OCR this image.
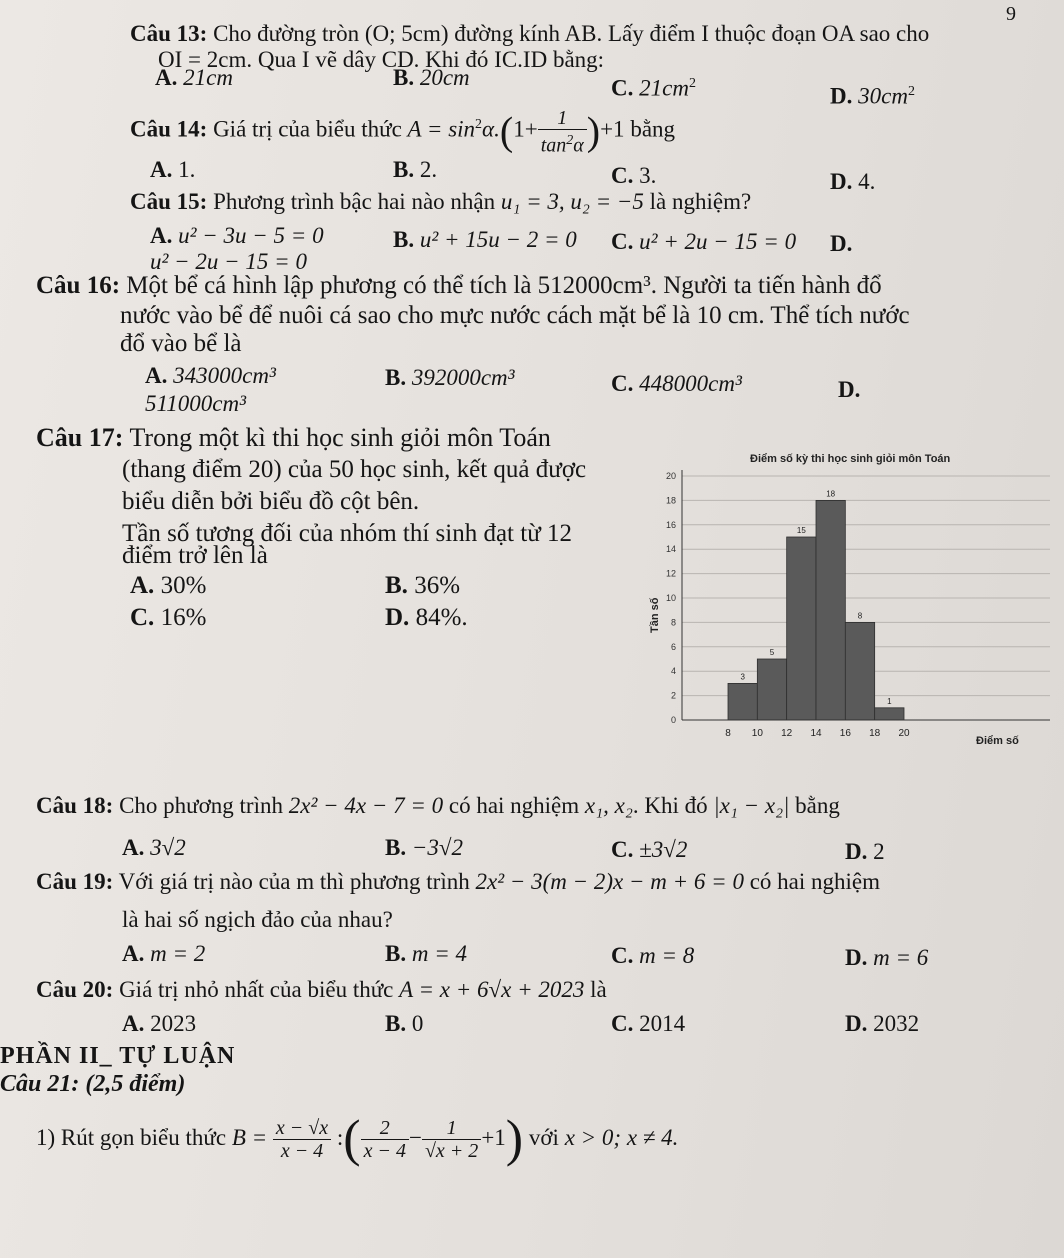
9
Câu 13: Cho đường tròn (O; 5cm) đường kính AB. Lấy điểm I thuộc đoạn OA sao cho
OI = 2cm. Qua I vẽ dây CD. Khi đó IC.ID bằng:
A. 21cm	B. 20cm	C. $21cm^2$
D. $30cm^2$
Câu 14: Giá trị của biểu thức $A = \sin^2\alpha.(1+ \frac{1}{\tan^2\alpha} )+1$ bằng
A. 1.	B. 2.	C. 3.	D. 4.
Câu 15: Phương trình bậc hai nào nhận u₁ = 3, u₂ = −5 là nghiệm?
A. u² − 3u − 5 = 0	B. u² + 15u − 2 = 0 C. u² + 2u − 15 = 0 D.
u² − 2u − 15 = 0
Câu 16: Một bể cá hình lập phương có thể tích là 512000cm³. Người ta tiến hành đổ
nước vào bể để nuôi cá sao cho mực nước cách mặt bể là 10 cm. Thể tích nước
đổ vào bể là
A. 343000cm³	B. 392000cm³	C. 448000cm³	D.
511000cm³
Câu 17: Trong một kì thi học sinh giỏi môn Toán
(thang điểm 20) của 50 học sinh, kết quả được
biểu diễn bởi biểu đồ cột bên.
Tần số tương đối của nhóm thí sinh đạt từ 12
điểm trở lên là
A. 30%	B. 36%
C. 16%	D. 84%.
Điểm số kỳ thi học sinh giỏi môn Toán
3
5
15
18
8
1
0
2
4
6
8
10
12
14
16
18
20
8 10 12 14 16 18 20
Tần số
Điểm số
Câu 18: Cho phương trình 2x² − 4x − 7 = 0 có hai nghiệm x₁, x₂. Khi đó |x₁ − x₂| bằng
A. 3√2	B. −3√2	C. ±3√2	D. 2
Câu 19: Với giá trị nào của m thì phương trình 2x² − 3(m − 2)x − m + 6 = 0 có hai nghiệm
là hai số ngịch đảo của nhau?
A. m = 2	B. m = 4	C. m = 8	D. m = 6
Câu 20: Giá trị nhỏ nhất của biểu thức A = x + 6√x + 2023 là
A. 2023	B. 0	C. 2014	D. 2032
PHẦN II_ TỰ LUẬN
Câu 21: (2,5 điểm)
1) Rút gọn biểu thức $B = \frac{x - √x}{x - 4}$ :( $\frac{2}{x - 4} - \frac{1}{√x + 2} +1$) với x > 0; x ≠ 4.
